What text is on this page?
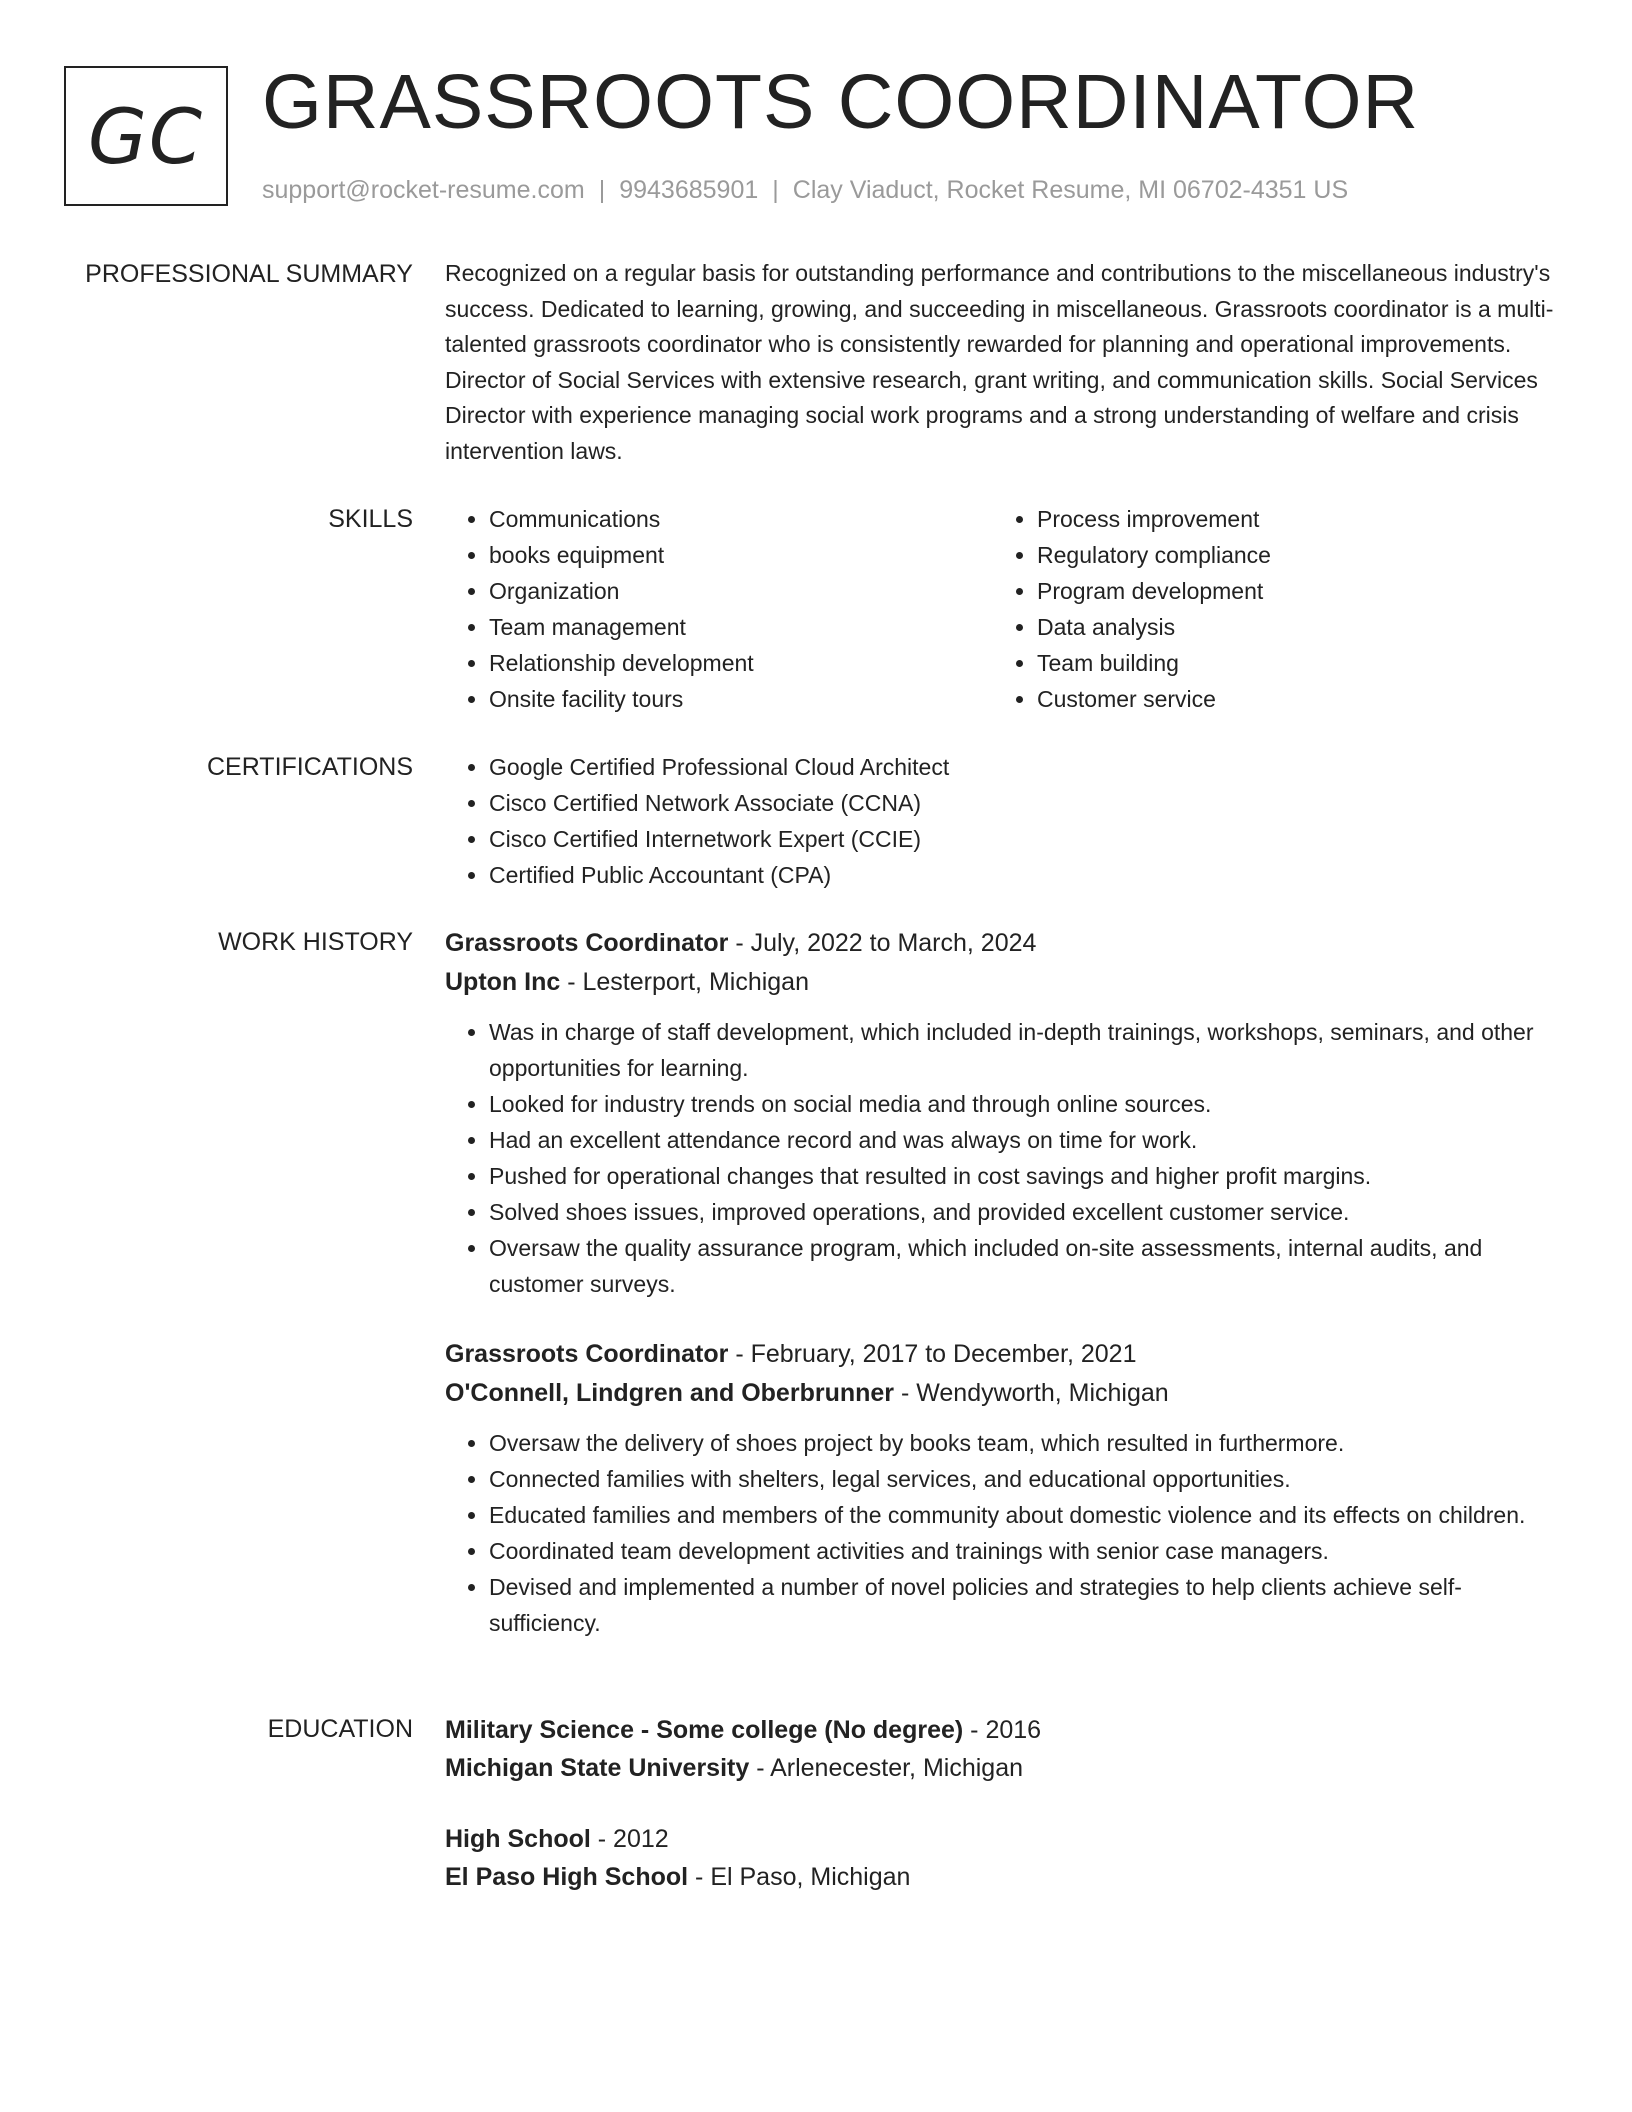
GC GRASSROOTS COORDINATOR
support@rocket-resume.com | 9943685901 | Clay Viaduct, Rocket Resume, MI 06702-4351 US
PROFESSIONAL SUMMARY Recognized on a regular basis for outstanding performance and contributions to the miscellaneous industry's success. Dedicated to learning, growing, and succeeding in miscellaneous. Grassroots coordinator is a multi-talented grassroots coordinator who is consistently rewarded for planning and operational improvements. Director of Social Services with extensive research, grant writing, and communication skills. Social Services Director with experience managing social work programs and a strong understanding of welfare and crisis intervention laws.
SKILLS	• Communications
• books equipment
• Organization
• Team management
• Relationship development
• Onsite facility tours
• Process improvement
• Regulatory compliance
• Program development
• Data analysis
• Team building
• Customer service
CERTIFICATIONS	• Google Certified Professional Cloud Architect
• Cisco Certified Network Associate (CCNA)
• Cisco Certified Internetwork Expert (CCIE)
• Certified Public Accountant (CPA)
WORK HISTORY Grassroots Coordinator - July, 2022 to March, 2024
Upton Inc - Lesterport, Michigan
• Was in charge of staff development, which included in-depth trainings, workshops, seminars, and other opportunities for learning.
• Looked for industry trends on social media and through online sources.
• Had an excellent attendance record and was always on time for work.
• Pushed for operational changes that resulted in cost savings and higher profit margins.
• Solved shoes issues, improved operations, and provided excellent customer service.
• Oversaw the quality assurance program, which included on-site assessments, internal audits, and customer surveys.
Grassroots Coordinator - February, 2017 to December, 2021
O'Connell, Lindgren and Oberbrunner - Wendyworth, Michigan
• Oversaw the delivery of shoes project by books team, which resulted in furthermore.
• Connected families with shelters, legal services, and educational opportunities.
• Educated families and members of the community about domestic violence and its effects on children.
• Coordinated team development activities and trainings with senior case managers.
• Devised and implemented a number of novel policies and strategies to help clients achieve self-sufficiency.
EDUCATION Military Science - Some college (No degree) - 2016
Michigan State University - Arlenecester, Michigan
High School - 2012
El Paso High School - El Paso, Michigan
